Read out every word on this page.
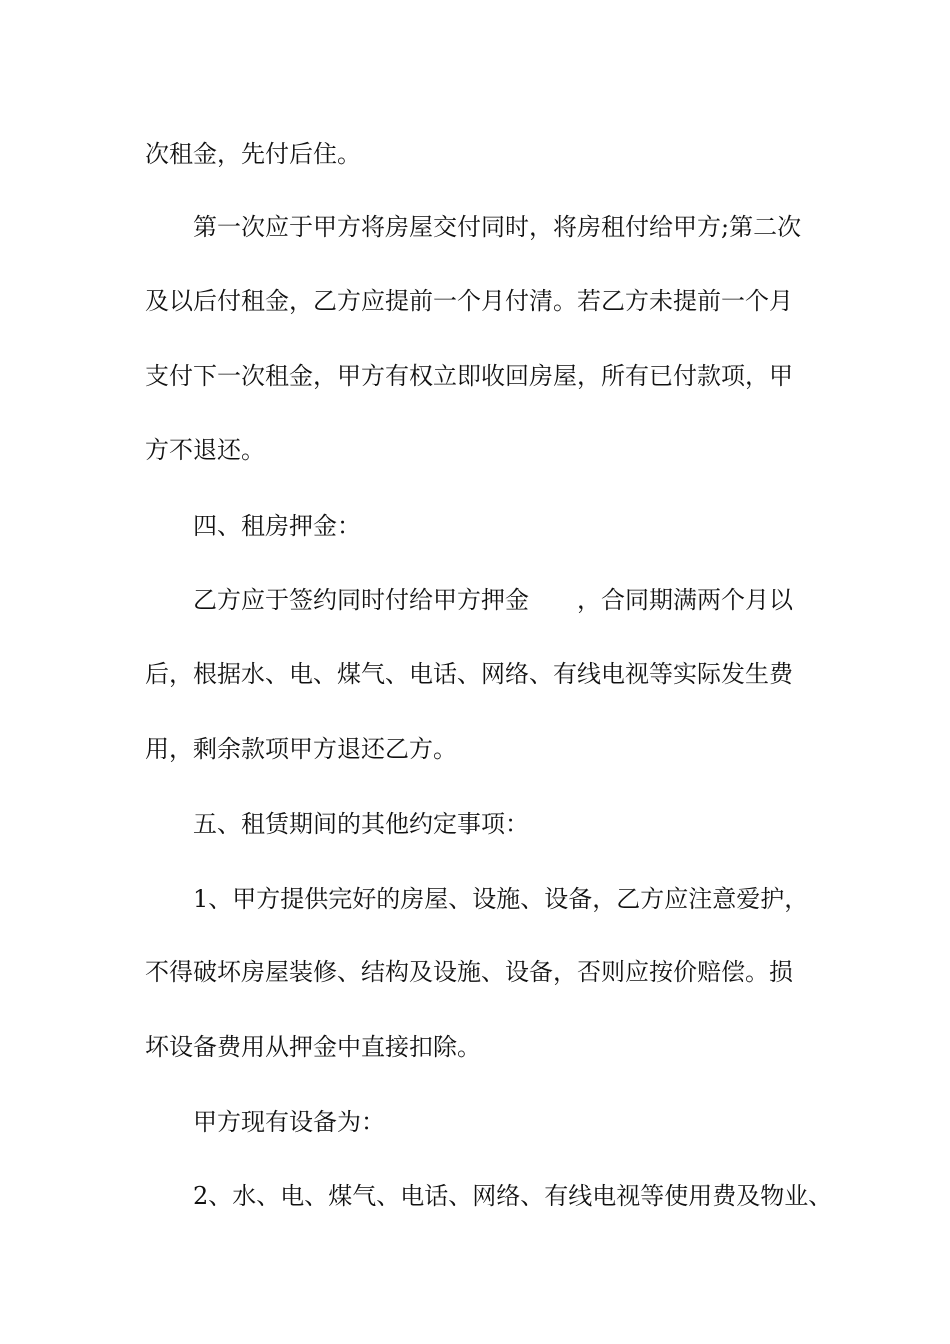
次租金，先付后住。

第一次应于甲方将房屋交付同时，将房租付给甲方;第二次

及以后付租金，乙方应提前一个月付清。若乙方未提前一个月

支付下一次租金，甲方有权立即收回房屋，所有已付款项，甲

方不退还。

四、租房押金：

乙方应于签约同时付给甲方押金　　，合同期满两个月以

后，根据水、电、煤气、电话、网络、有线电视等实际发生费

用，剩余款项甲方退还乙方。

五、租赁期间的其他约定事项：

1、甲方提供完好的房屋、设施、设备，乙方应注意爱护，

不得破坏房屋装修、结构及设施、设备，否则应按价赔偿。损

坏设备费用从押金中直接扣除。

甲方现有设备为：

2、水、电、煤气、电话、网络、有线电视等使用费及物业、
